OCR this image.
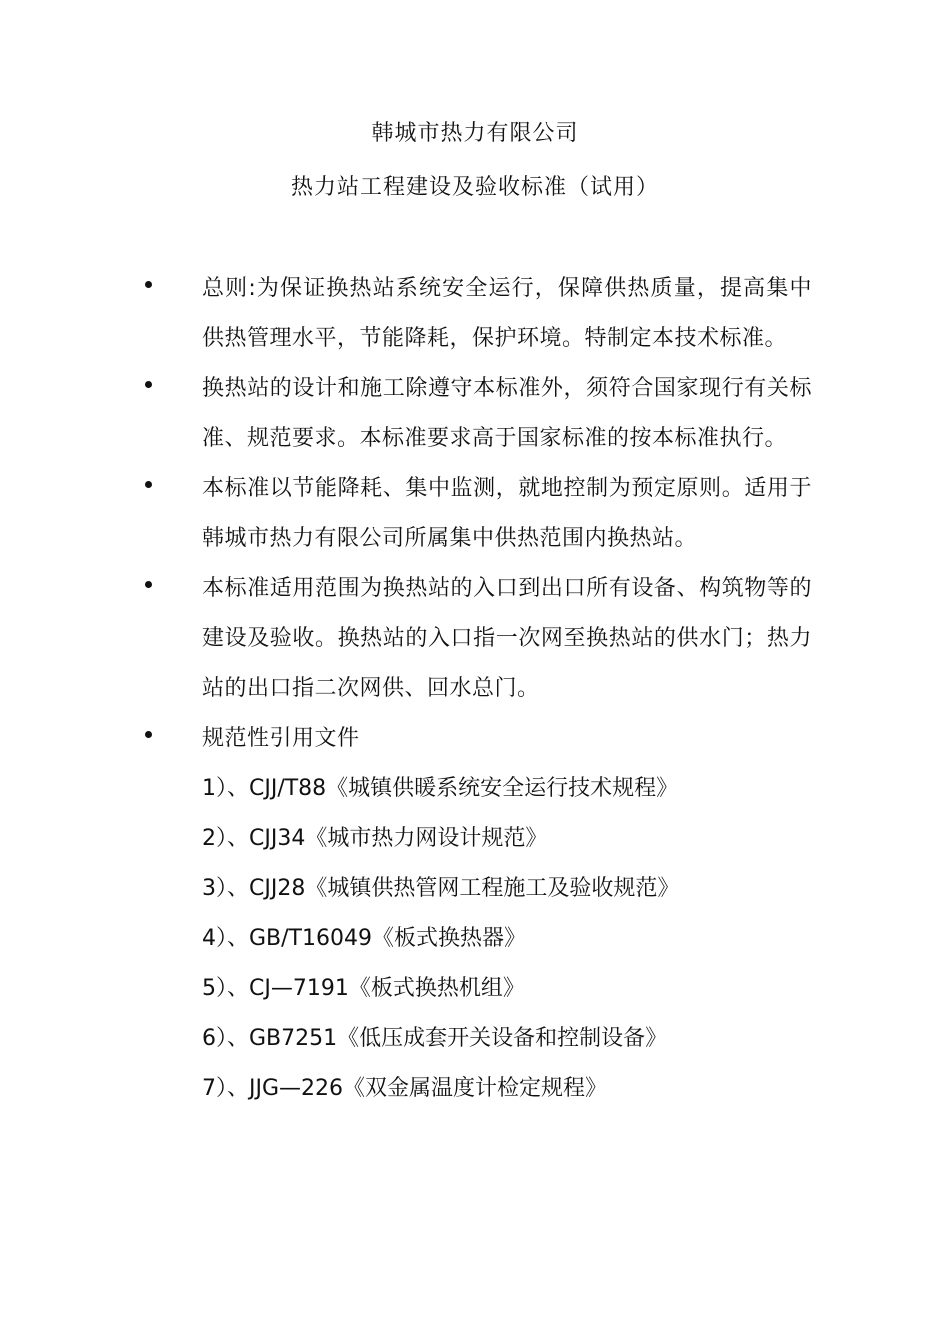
韩城市热力有限公司
热力站工程建设及验收标准（试用）
总则:为保证换热站系统安全运行，保障供热质量，提高集中供热管理水平，节能降耗，保护环境。特制定本技术标准。
换热站的设计和施工除遵守本标准外，须符合国家现行有关标准、规范要求。本标准要求高于国家标准的按本标准执行。
本标准以节能降耗、集中监测，就地控制为预定原则。适用于韩城市热力有限公司所属集中供热范围内换热站。
本标准适用范围为换热站的入口到出口所有设备、构筑物等的建设及验收。换热站的入口指一次网至换热站的供水门；热力站的出口指二次网供、回水总门。
规范性引用文件
1）、CJJ/T88《城镇供暖系统安全运行技术规程》
2）、CJJ34《城市热力网设计规范》
3）、CJJ28《城镇供热管网工程施工及验收规范》
4）、GB/T16049《板式换热器》
5）、CJ—7191《板式换热机组》
6）、GB7251《低压成套开关设备和控制设备》
7）、JJG—226《双金属温度计检定规程》
